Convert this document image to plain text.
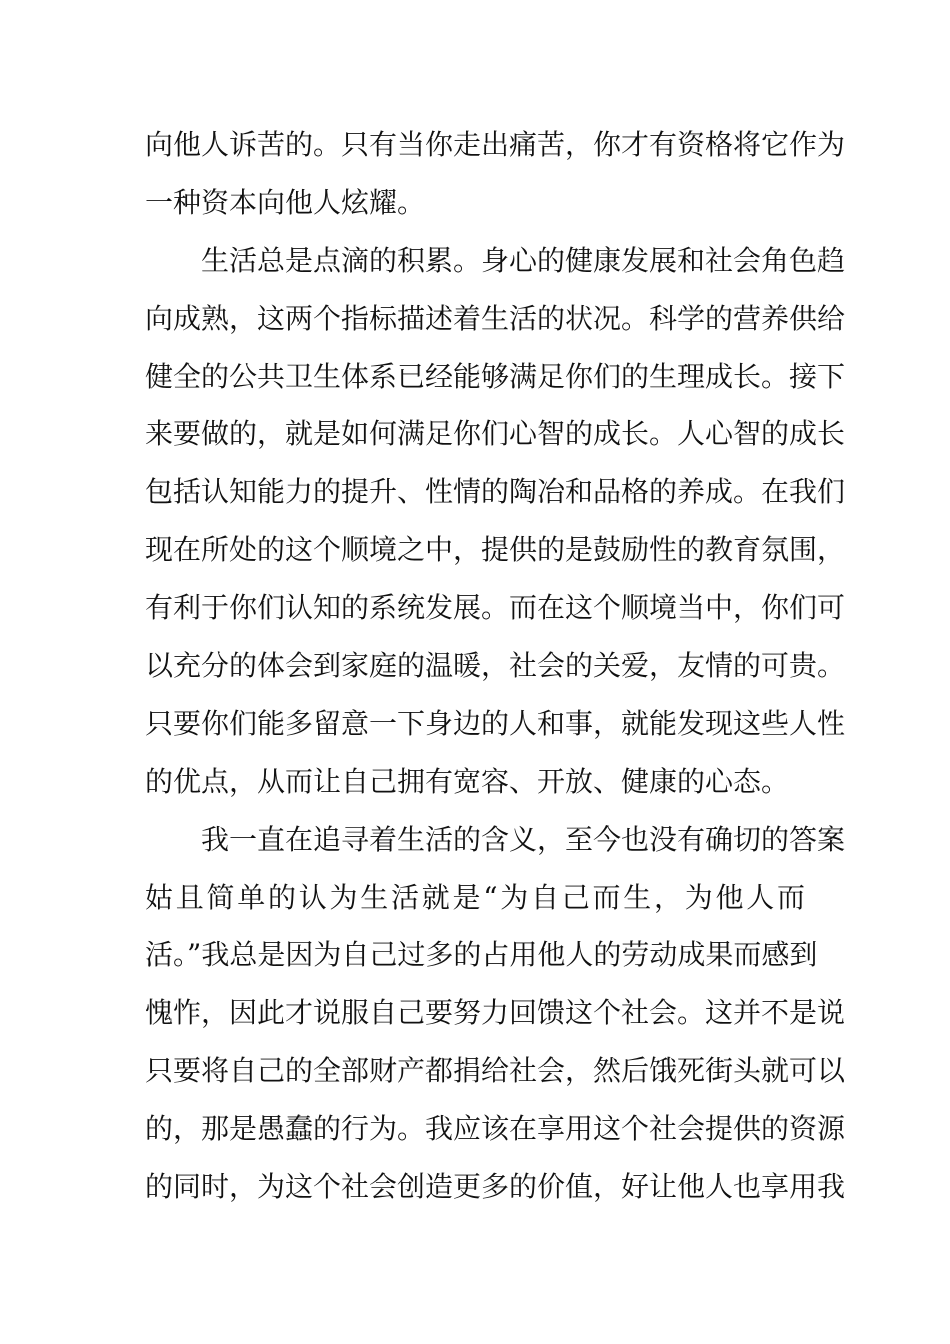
向他人诉苦的。只有当你走出痛苦，你才有资格将它作为
一种资本向他人炫耀。
生活总是点滴的积累。身心的健康发展和社会角色趋
向成熟，这两个指标描述着生活的状况。科学的营养供给
健全的公共卫生体系已经能够满足你们的生理成长。接下
来要做的，就是如何满足你们心智的成长。人心智的成长
包括认知能力的提升、性情的陶冶和品格的养成。在我们
现在所处的这个顺境之中，提供的是鼓励性的教育氛围，
有利于你们认知的系统发展。而在这个顺境当中，你们可
以充分的体会到家庭的温暖，社会的关爱，友情的可贵。
只要你们能多留意一下身边的人和事，就能发现这些人性
的优点，从而让自己拥有宽容、开放、健康的心态。
我一直在追寻着生活的含义，至今也没有确切的答案
姑且简单的认为生活就是“为自己而生，为他人而
活。”我总是因为自己过多的占用他人的劳动成果而感到
愧怍，因此才说服自己要努力回馈这个社会。这并不是说
只要将自己的全部财产都捐给社会，然后饿死街头就可以
的，那是愚蠢的行为。我应该在享用这个社会提供的资源
的同时，为这个社会创造更多的价值，好让他人也享用我
